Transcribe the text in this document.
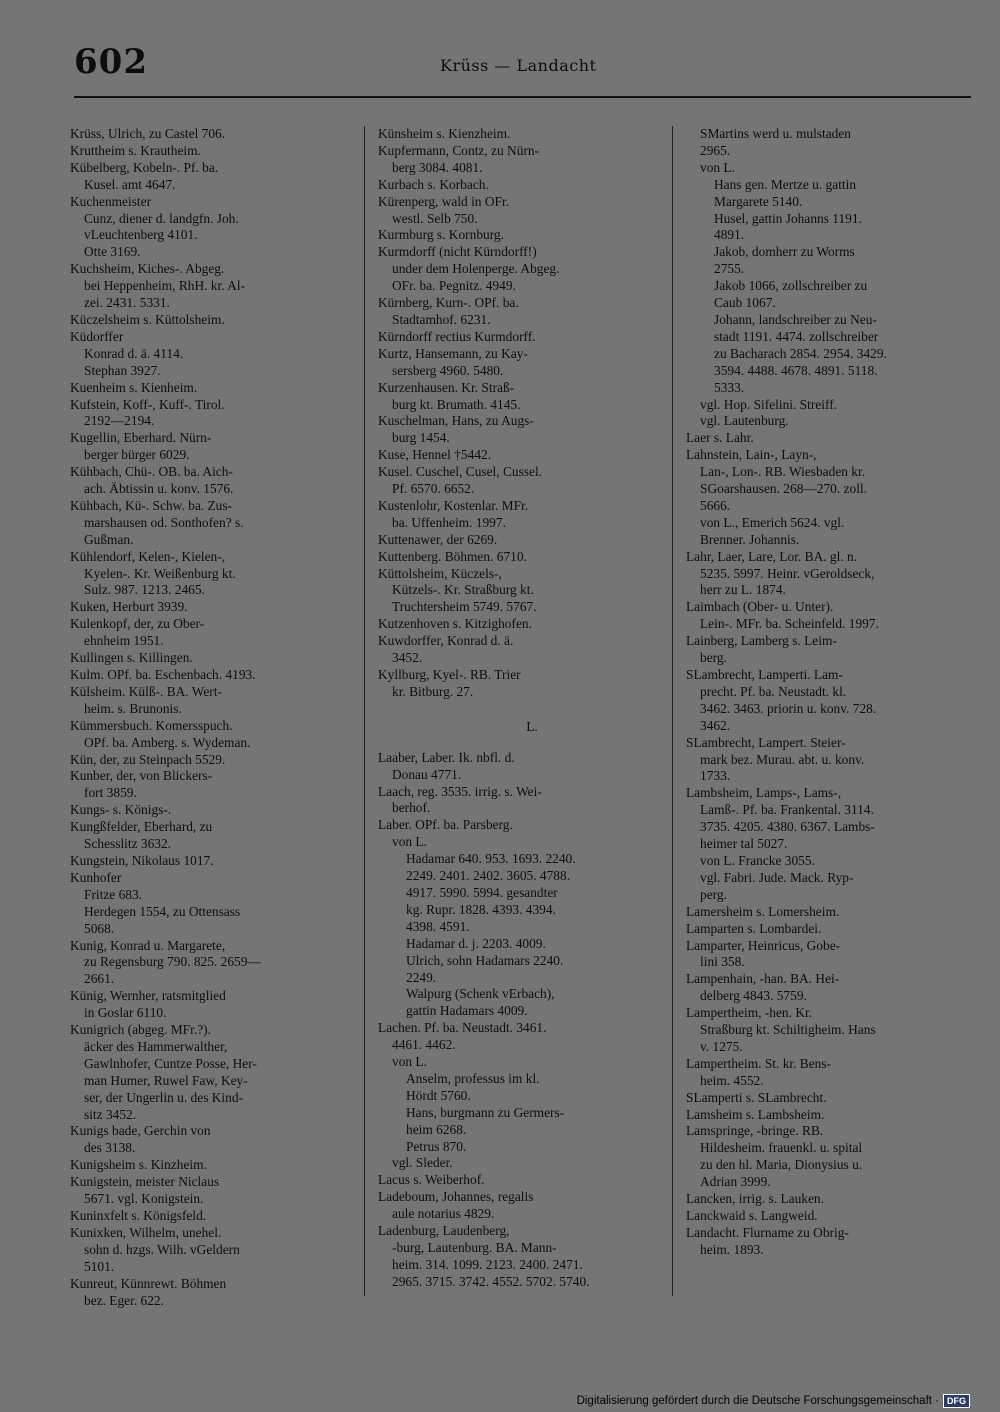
602	Krüss — Landacht
Krüss, Ulrich, zu Castel 706.
Kruttheim s. Krautheim.
Kübelberg, Kobeln-. Pf. ba.
Kusel. amt 4647.
Kuchenmeister
Cunz, diener d. landgfn. Joh.
vLeuchtenberg 4101.
Otte 3169.
Kuchsheim, Kiches-. Abgeg.
bei Heppenheim, RhH. kr. Al-
zei. 2431. 5331.
Küczelsheim s. Küttolsheim.
Küdorffer
Konrad d. ä. 4114.
Stephan 3927.
Kuenheim s. Kienheim.
Kufstein, Koff-, Kuff-. Tirol.
2192—2194.
Kugellin, Eberhard. Nürn-
berger bürger 6029.
Kühbach, Chü-. OB. ba. Aich-
ach. Äbtissin u. konv. 1576.
Kühbach, Kü-. Schw. ba. Zus-
marshausen od. Sonthofen? s.
Gußman.
Kühlendorf, Kelen-, Kielen-,
Kyelen-. Kr. Weißenburg kt.
Sulz. 987. 1213. 2465.
Kuken, Herburt 3939.
Kulenkopf, der, zu Ober-
ehnheim 1951.
Kullingen s. Killingen.
Kulm. OPf. ba. Eschenbach. 4193.
Külsheim. Külß-. BA. Wert-
heim. s. Brunonis.
Kümmersbuch. Komersspuch.
OPf. ba. Amberg. s. Wydeman.
Kün, der, zu Steinpach 5529.
Kunber, der, von Blickers-
fort 3859.
Kungs- s. Königs-.
Kungßfelder, Eberhard, zu
Schesslitz 3632.
Kungstein, Nikolaus 1017.
Kunhofer
Fritze 683.
Herdegen 1554, zu Ottensass
5068.
Kunig, Konrad u. Margarete,
zu Regensburg 790. 825. 2659—
2661.
Künig, Wernher, ratsmitglied
in Goslar 6110.
Kunigrich (abgeg. MFr.?).
äcker des Hammerwalther,
Gawlnhofer, Cuntze Posse, Her-
man Humer, Ruwel Faw, Key-
ser, der Ungerlin u. des Kind-
sitz 3452.
Kunigs bade, Gerchin von
des 3138.
Kunigsheim s. Kinzheim.
Kunigstein, meister Niclaus
5671. vgl. Konigstein.
Kuninxfelt s. Königsfeld.
Kunixken, Wilhelm, unehel.
sohn d. hzgs. Wilh. vGeldern
5101.
Kunreut, Künnrewt. Böhmen
bez. Eger. 622.
Künsheim s. Kienzheim.
Kupfermann, Contz, zu Nürn-
berg 3084. 4081.
Kurbach s. Korbach.
Kürenperg, wald in OFr.
westl. Selb 750.
Kurmburg s. Kornburg.
Kurmdorff (nicht Kürndorff!)
under dem Holenperge. Abgeg.
OFr. ba. Pegnitz. 4949.
Kürnberg, Kurn-. OPf. ba.
Stadtamhof. 6231.
Kürndorff rectius Kurmdorff.
Kurtz, Hansemann, zu Kay-
sersberg 4960. 5480.
Kurzenhausen. Kr. Straß-
burg kt. Brumath. 4145.
Kuschelman, Hans, zu Augs-
burg 1454.
Kuse, Hennel †5442.
Kusel. Cuschel, Cusel, Cussel.
Pf. 6570. 6652.
Kustenlohr, Kostenlar. MFr.
ba. Uffenheim. 1997.
Kuttenawer, der 6269.
Kuttenberg. Böhmen. 6710.
Küttolsheim, Küczels-,
Kützels-. Kr. Straßburg kt.
Truchtersheim 5749. 5767.
Kutzenhoven s. Kitzighofen.
Kuwdorffer, Konrad d. ä.
3452.
Kyllburg, Kyel-. RB. Trier
kr. Bitburg. 27.
L.
Laaber, Laber. Ik. nbfl. d.
Donau 4771.
Laach, reg. 3535. irrig. s. Wei-
berhof.
Laber. OPf. ba. Parsberg.
von L.
Hadamar 640. 953. 1693. 2240.
2249. 2401. 2402. 3605. 4788.
4917. 5990. 5994. gesandter
kg. Rupr. 1828. 4393. 4394.
4398. 4591.
Hadamar d. j. 2203. 4009.
Ulrich, sohn Hadamars 2240.
2249.
Walpurg (Schenk vErbach),
gattin Hadamars 4009.
Lachen. Pf. ba. Neustadt. 3461.
4461. 4462.
von L.
Anselm, professus im kl.
Hördt 5760.
Hans, burgmann zu Germers-
heim 6268.
Petrus 870.
vgl. Sleder.
Lacus s. Weiberhof.
Ladeboum, Johannes, regalis
aule notarius 4829.
Ladenburg, Laudenberg,
-burg, Lautenburg. BA. Mann-
heim. 314. 1099. 2123. 2400. 2471.
2965. 3715. 3742. 4552. 5702. 5740.
SMartins werd u. mulstaden
2965.
von L.
Hans gen. Mertze u. gattin
Margarete 5140.
Husel, gattin Johanns 1191.
4891.
Jakob, domherr zu Worms
2755.
Jakob 1066, zollschreiber zu
Caub 1067.
Johann, landschreiber zu Neu-
stadt 1191. 4474. zollschreiber
zu Bacharach 2854. 2954. 3429.
3594. 4488. 4678. 4891. 5118.
5333.
vgl. Hop. Sifelini. Streiff.
vgl. Lautenburg.
Laer s. Lahr.
Lahnstein, Lain-, Layn-,
Lan-, Lon-. RB. Wiesbaden kr.
SGoarshausen. 268—270. zoll.
5666.
von L., Emerich 5624. vgl.
Brenner. Johannis.
Lahr, Laer, Lare, Lor. BA. gl. n.
5235. 5997. Heinr. vGeroldseck,
herr zu L. 1874.
Laimbach (Ober- u. Unter).
Lein-. MFr. ba. Scheinfeld. 1997.
Lainberg, Lamberg s. Leim-
berg.
SLambrecht, Lamperti. Lam-
precht. Pf. ba. Neustadt. kl.
3462. 3463. priorin u. konv. 728.
3462.
SLambrecht, Lampert. Steier-
mark bez. Murau. abt. u. konv.
1733.
Lambsheim, Lamps-, Lams-,
Lamß-. Pf. ba. Frankental. 3114.
3735. 4205. 4380. 6367. Lambs-
heimer tal 5027.
von L. Francke 3055.
vgl. Fabri. Jude. Mack. Ryp-
perg.
Lamersheim s. Lomersheim.
Lamparten s. Lombardei.
Lamparter, Heinricus, Gobe-
lini 358.
Lampenhain, -han. BA. Hei-
delberg 4843. 5759.
Lampertheim, -hen. Kr.
Straßburg kt. Schiltigheim. Hans
v. 1275.
Lampertheim. St. kr. Bens-
heim. 4552.
SLamperti s. SLambrecht.
Lamsheim s. Lambsheim.
Lamspringe, -bringe. RB.
Hildesheim. frauenkl. u. spital
zu den hl. Maria, Dionysius u.
Adrian 3999.
Lancken, irrig. s. Lauken.
Lanckwaid s. Langweid.
Landacht. Flurname zu Obrig-
heim. 1893.
Digitalisierung gefördert durch die Deutsche Forschungsgemeinschaft · DFG
